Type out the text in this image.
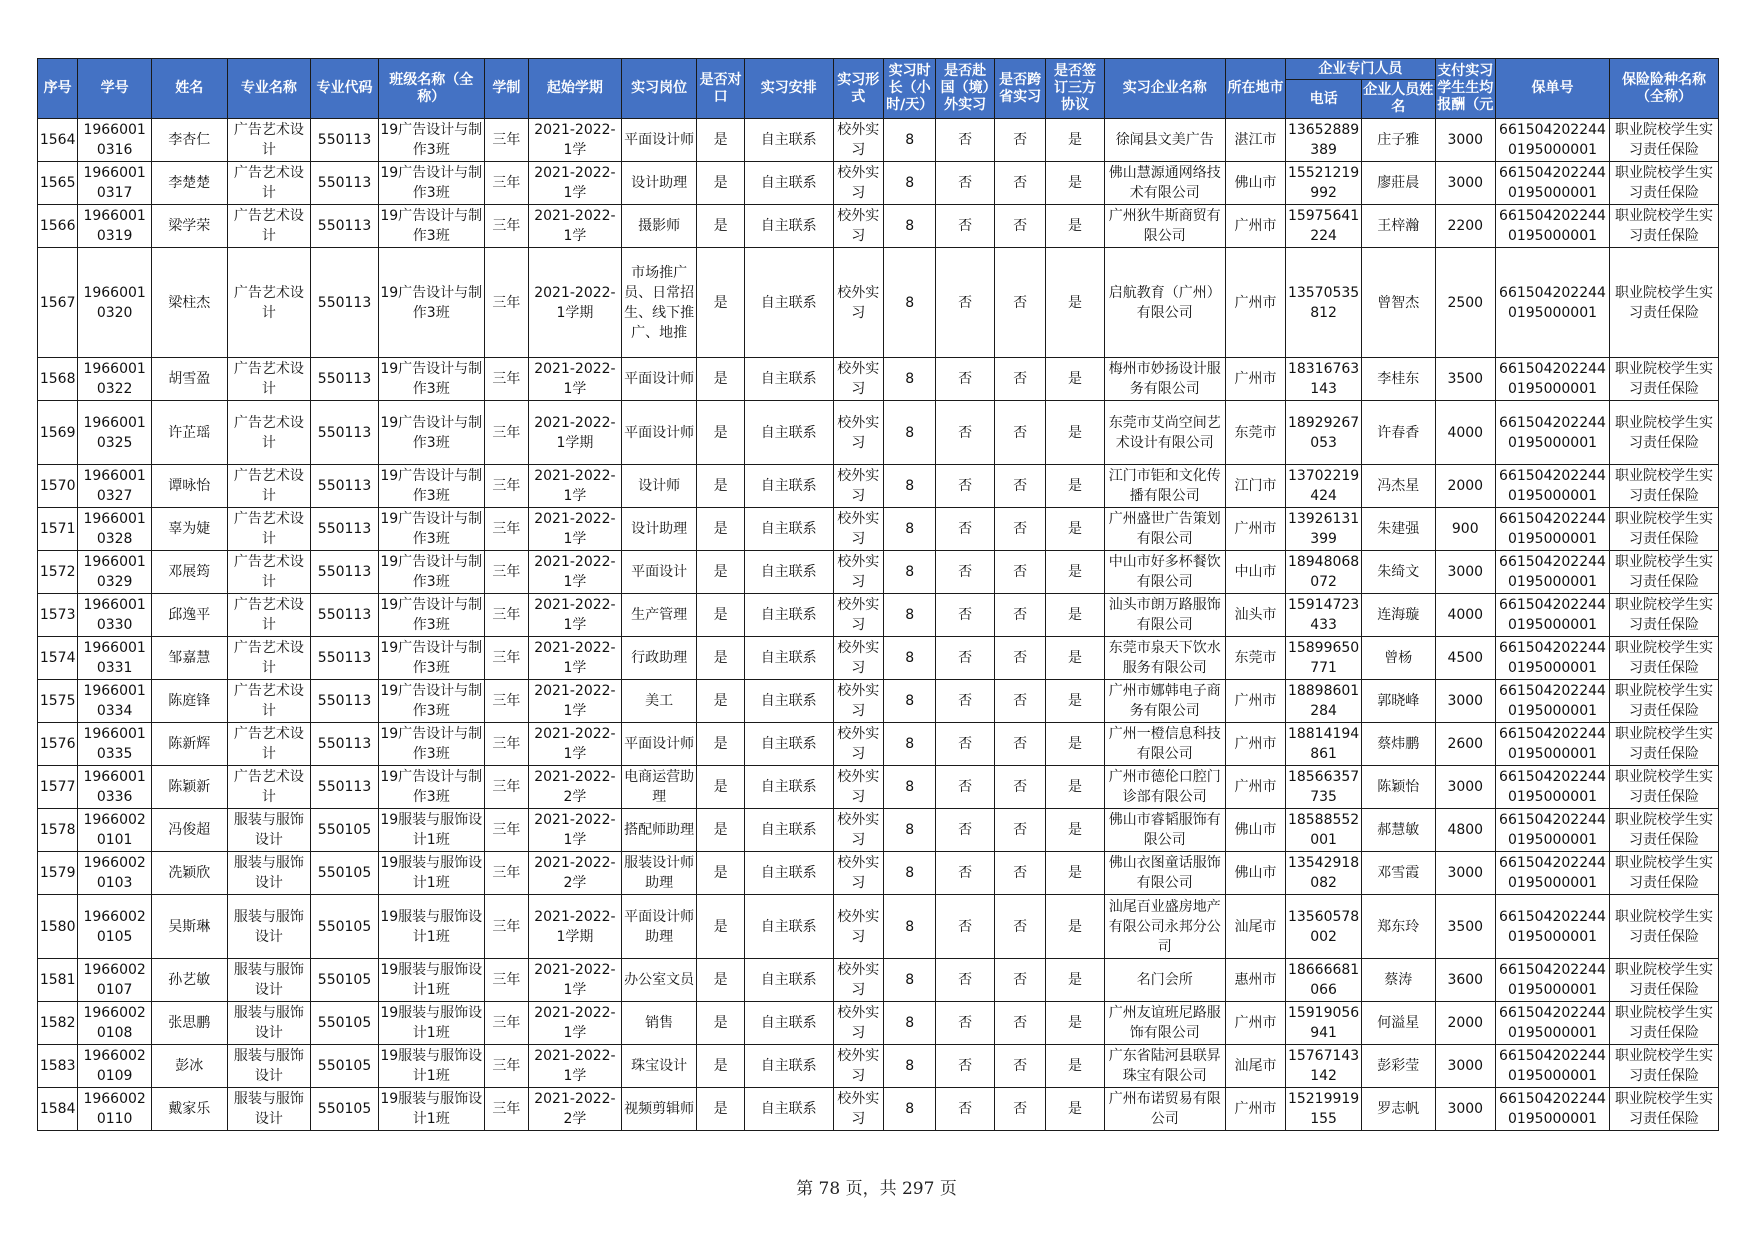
序号	学号	姓名	专业名称	专业代码	班级名称（全称）	学制	起始学期	实习岗位	是否对口	实习安排	实习形式	实习时长（小时/天）	是否赴国（境）外实习	是否跨省实习	是否签订三方协议	实习企业名称	所在地市	企业专门人员		支付实习学生生均报酬（元	保单号	保险险种名称（全称）
																		电话	企业人员姓名			

1564	19660010316	李杏仁	广告艺术设计	550113	19广告设计与制作3班	三年	2021-2022-1学	平面设计师	是	自主联系	校外实习	8	否	否	是	徐闻县文美广告	湛江市	13652889389	庄子雅	3000	6615042022440195000001	职业院校学生实习责任保险

1565	19660010317	李楚楚	广告艺术设计	550113	19广告设计与制作3班	三年	2021-2022-1学	设计助理	是	自主联系	校外实习	8	否	否	是	佛山慧源通网络技术有限公司	佛山市	15521219992	廖莊晨	3000	6615042022440195000001	职业院校学生实习责任保险

1566	19660010319	梁学荣	广告艺术设计	550113	19广告设计与制作3班	三年	2021-2022-1学	摄影师	是	自主联系	校外实习	8	否	否	是	广州狄牛斯商贸有限公司	广州市	15975641224	王梓瀚	2200	6615042022440195000001	职业院校学生实习责任保险

1567	19660010320	梁柱杰	广告艺术设计	550113	19广告设计与制作3班	三年	2021-2022-1学期	市场推广员、日常招生、线下推广、地推	是	自主联系	校外实习	8	否	否	是	启航教育（广州）有限公司	广州市	13570535812	曾智杰	2500	6615042022440195000001	职业院校学生实习责任保险

1568	19660010322	胡雪盈	广告艺术设计	550113	19广告设计与制作3班	三年	2021-2022-1学	平面设计师	是	自主联系	校外实习	8	否	否	是	梅州市妙扬设计服务有限公司	广州市	18316763143	李桂东	3500	6615042022440195000001	职业院校学生实习责任保险

1569	19660010325	许芷瑶	广告艺术设计	550113	19广告设计与制作3班	三年	2021-2022-1学期	平面设计师	是	自主联系	校外实习	8	否	否	是	东莞市艾尚空间艺术设计有限公司	东莞市	18929267053	许春香	4000	6615042022440195000001	职业院校学生实习责任保险

1570	19660010327	谭咏怡	广告艺术设计	550113	19广告设计与制作3班	三年	2021-2022-1学	设计师	是	自主联系	校外实习	8	否	否	是	江门市钜和文化传播有限公司	江门市	13702219424	冯杰星	2000	6615042022440195000001	职业院校学生实习责任保险

1571	19660010328	辜为婕	广告艺术设计	550113	19广告设计与制作3班	三年	2021-2022-1学	设计助理	是	自主联系	校外实习	8	否	否	是	广州盛世广告策划有限公司	广州市	13926131399	朱建强	900	6615042022440195000001	职业院校学生实习责任保险

1572	19660010329	邓展筠	广告艺术设计	550113	19广告设计与制作3班	三年	2021-2022-1学	平面设计	是	自主联系	校外实习	8	否	否	是	中山市好多杯餐饮有限公司	中山市	18948068072	朱绮文	3000	6615042022440195000001	职业院校学生实习责任保险

1573	19660010330	邱逸平	广告艺术设计	550113	19广告设计与制作3班	三年	2021-2022-1学	生产管理	是	自主联系	校外实习	8	否	否	是	汕头市朗万路服饰有限公司	汕头市	15914723433	连海璇	4000	6615042022440195000001	职业院校学生实习责任保险

1574	19660010331	邹嘉慧	广告艺术设计	550113	19广告设计与制作3班	三年	2021-2022-1学	行政助理	是	自主联系	校外实习	8	否	否	是	东莞市泉天下饮水服务有限公司	东莞市	15899650771	曾杨	4500	6615042022440195000001	职业院校学生实习责任保险

1575	19660010334	陈庭锋	广告艺术设计	550113	19广告设计与制作3班	三年	2021-2022-1学	美工	是	自主联系	校外实习	8	否	否	是	广州市娜韩电子商务有限公司	广州市	18898601284	郭晓峰	3000	6615042022440195000001	职业院校学生实习责任保险

1576	19660010335	陈新辉	广告艺术设计	550113	19广告设计与制作3班	三年	2021-2022-1学	平面设计师	是	自主联系	校外实习	8	否	否	是	广州一橙信息科技有限公司	广州市	18814194861	蔡炜鹏	2600	6615042022440195000001	职业院校学生实习责任保险

1577	19660010336	陈颖新	广告艺术设计	550113	19广告设计与制作3班	三年	2021-2022-2学	电商运营助理	是	自主联系	校外实习	8	否	否	是	广州市德伦口腔门诊部有限公司	广州市	18566357735	陈颖怡	3000	6615042022440195000001	职业院校学生实习责任保险

1578	19660020101	冯俊超	服装与服饰设计	550105	19服装与服饰设计1班	三年	2021-2022-1学	搭配师助理	是	自主联系	校外实习	8	否	否	是	佛山市睿韬服饰有限公司	佛山市	18588552001	郝慧敏	4800	6615042022440195000001	职业院校学生实习责任保险

1579	19660020103	冼颖欣	服装与服饰设计	550105	19服装与服饰设计1班	三年	2021-2022-2学	服装设计师助理	是	自主联系	校外实习	8	否	否	是	佛山衣图童话服饰有限公司	佛山市	13542918082	邓雪霞	3000	6615042022440195000001	职业院校学生实习责任保险

1580	19660020105	吴斯琳	服装与服饰设计	550105	19服装与服饰设计1班	三年	2021-2022-1学期	平面设计师助理	是	自主联系	校外实习	8	否	否	是	汕尾百业盛房地产有限公司永邦分公司	汕尾市	13560578002	郑东玲	3500	6615042022440195000001	职业院校学生实习责任保险

1581	19660020107	孙艺敏	服装与服饰设计	550105	19服装与服饰设计1班	三年	2021-2022-1学	办公室文员	是	自主联系	校外实习	8	否	否	是	名门会所	惠州市	18666681066	蔡涛	3600	6615042022440195000001	职业院校学生实习责任保险

1582	19660020108	张思鹏	服装与服饰设计	550105	19服装与服饰设计1班	三年	2021-2022-1学	销售	是	自主联系	校外实习	8	否	否	是	广州友谊班尼路服饰有限公司	广州市	15919056941	何溢星	2000	6615042022440195000001	职业院校学生实习责任保险

1583	19660020109	彭冰	服装与服饰设计	550105	19服装与服饰设计1班	三年	2021-2022-1学	珠宝设计	是	自主联系	校外实习	8	否	否	是	广东省陆河县联昇珠宝有限公司	汕尾市	15767143142	彭彩莹	3000	6615042022440195000001	职业院校学生实习责任保险

1584	19660020110	戴家乐	服装与服饰设计	550105	19服装与服饰设计1班	三年	2021-2022-2学	视频剪辑师	是	自主联系	校外实习	8	否	否	是	广州布诺贸易有限公司	广州市	15219919155	罗志帆	3000	6615042022440195000001	职业院校学生实习责任保险
第 78 页，共 297 页
